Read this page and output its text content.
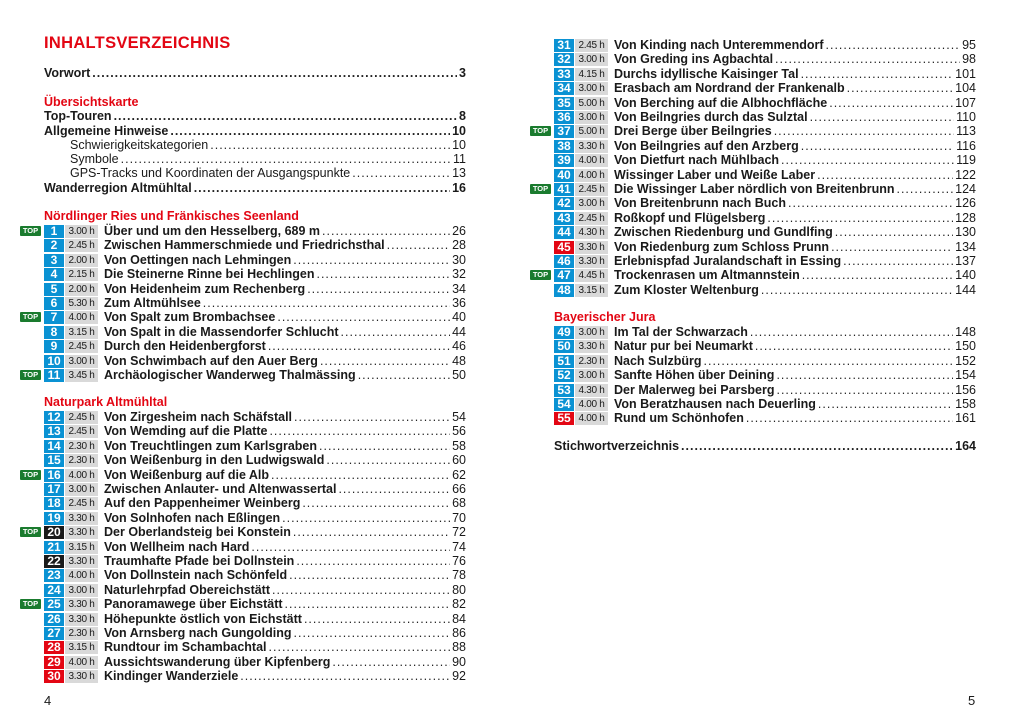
INHALTSVERZEICHNIS
Vorwort .....	3
Übersichtskarte
Top-Touren .....	8
Allgemeine Hinweise .....	10
Schwierigkeitskategorien .....	10
Symbole .....	11
GPS-Tracks und Koordinaten der Ausgangspunkte .....	13
Wanderregion Altmühltal .....	16
Nördlinger Ries und Fränkisches Seenland
TOP	1	3.00 h Über und um den Hesselberg, 689 m .....	26
2	2.45 h Zwischen Hammerschmiede und Friedrichsthal .....	28
3	2.00 h Von Oettingen nach Lehmingen .....	30
4	2.15 h Die Steinerne Rinne bei Hechlingen .....	32
5	2.00 h Von Heidenheim zum Rechenberg .....	34
6	5.30 h Zum Altmühlsee .....	36
TOP	7	4.00 h Von Spalt zum Brombachsee .....	40
8	3.15 h Von Spalt in die Massendorfer Schlucht .....	44
9	2.45 h Durch den Heidenbergforst .....	46
10 3.00 h Von Schwimbach auf den Auer Berg .....	48
TOP 11 3.45 h Archäologischer Wanderweg Thalmässing .....	50
Naturpark Altmühltal
12 2.45 h Von Zirgesheim nach Schäfstall .....	54
13 2.45 h Von Wemding auf die Platte .....	56
14 2.30 h Von Treuchtlingen zum Karlsgraben .....	58
15 2.30 h Von Weißenburg in den Ludwigswald .....	60
TOP 16 4.00 h Von Weißenburg auf die Alb .....	62
17 3.00 h Zwischen Anlauter- und Altenwassertal .....	66
18 2.45 h Auf den Pappenheimer Weinberg .....	68
19 3.30 h Von Solnhofen nach Eßlingen .....	70
TOP 20 3.30 h Der Oberlandsteig bei Konstein .....	72
21 3.15 h Von Wellheim nach Hard .....	74
22 3.30 h Traumhafte Pfade bei Dollnstein .....	76
23 4.00 h Von Dollnstein nach Schönfeld .....	78
24 3.00 h Naturlehrpfad Obereichstätt .....	80
TOP 25 3.30 h Panoramawege über Eichstätt .....	82
26 3.30 h Höhepunkte östlich von Eichstätt .....	84
27 2.30 h Von Arnsberg nach Gungolding .....	86
28 3.15 h Rundtour im Schambachtal .....	88
29 4.00 h Aussichtswanderung über Kipfenberg .....	90
30 3.30 h Kindinger Wanderziele .....	92
4
31 2.45 h Von Kinding nach Unteremmendorf .....	95
32 3.00 h Von Greding ins Agbachtal .....	98
33 4.15 h Durchs idyllische Kaisinger Tal .....	101
34 3.00 h Erasbach am Nordrand der Frankenalb .....	104
35 5.00 h Von Berching auf die Albhochfläche .....	107
36 3.00 h Von Beilngries durch das Sulztal .....	110
TOP 37 5.00 h Drei Berge über Beilngries .....	113
38 3.30 h Von Beilngries auf den Arzberg .....	116
39 4.00 h Von Dietfurt nach Mühlbach .....	119
40 4.00 h Wissinger Laber und Weiße Laber .....	122
TOP 41 2.45 h Die Wissinger Laber nördlich von Breitenbrunn .....	124
42 3.00 h Von Breitenbrunn nach Buch .....	126
43 2.45 h Roßkopf und Flügelsberg .....	128
44 4.30 h Zwischen Riedenburg und Gundlfing .....	130
45 3.30 h Von Riedenburg zum Schloss Prunn .....	134
46 3.30 h Erlebnispfad Juralandschaft in Essing .....	137
TOP 47 4.45 h Trockenrasen um Altmannstein .....	140
48 3.15 h Zum Kloster Weltenburg .....	144
Bayerischer Jura
49 3.00 h Im Tal der Schwarzach .....	148
50 3.30 h Natur pur bei Neumarkt .....	150
51 2.30 h Nach Sulzbürg .....	152
52 3.00 h Sanfte Höhen über Deining .....	154
53 4.30 h Der Malerweg bei Parsberg .....	156
54 4.00 h Von Beratzhausen nach Deuerling .....	158
55 4.00 h Rund um Schönhofen .....	161
Stichwortverzeichnis .....	164
5
